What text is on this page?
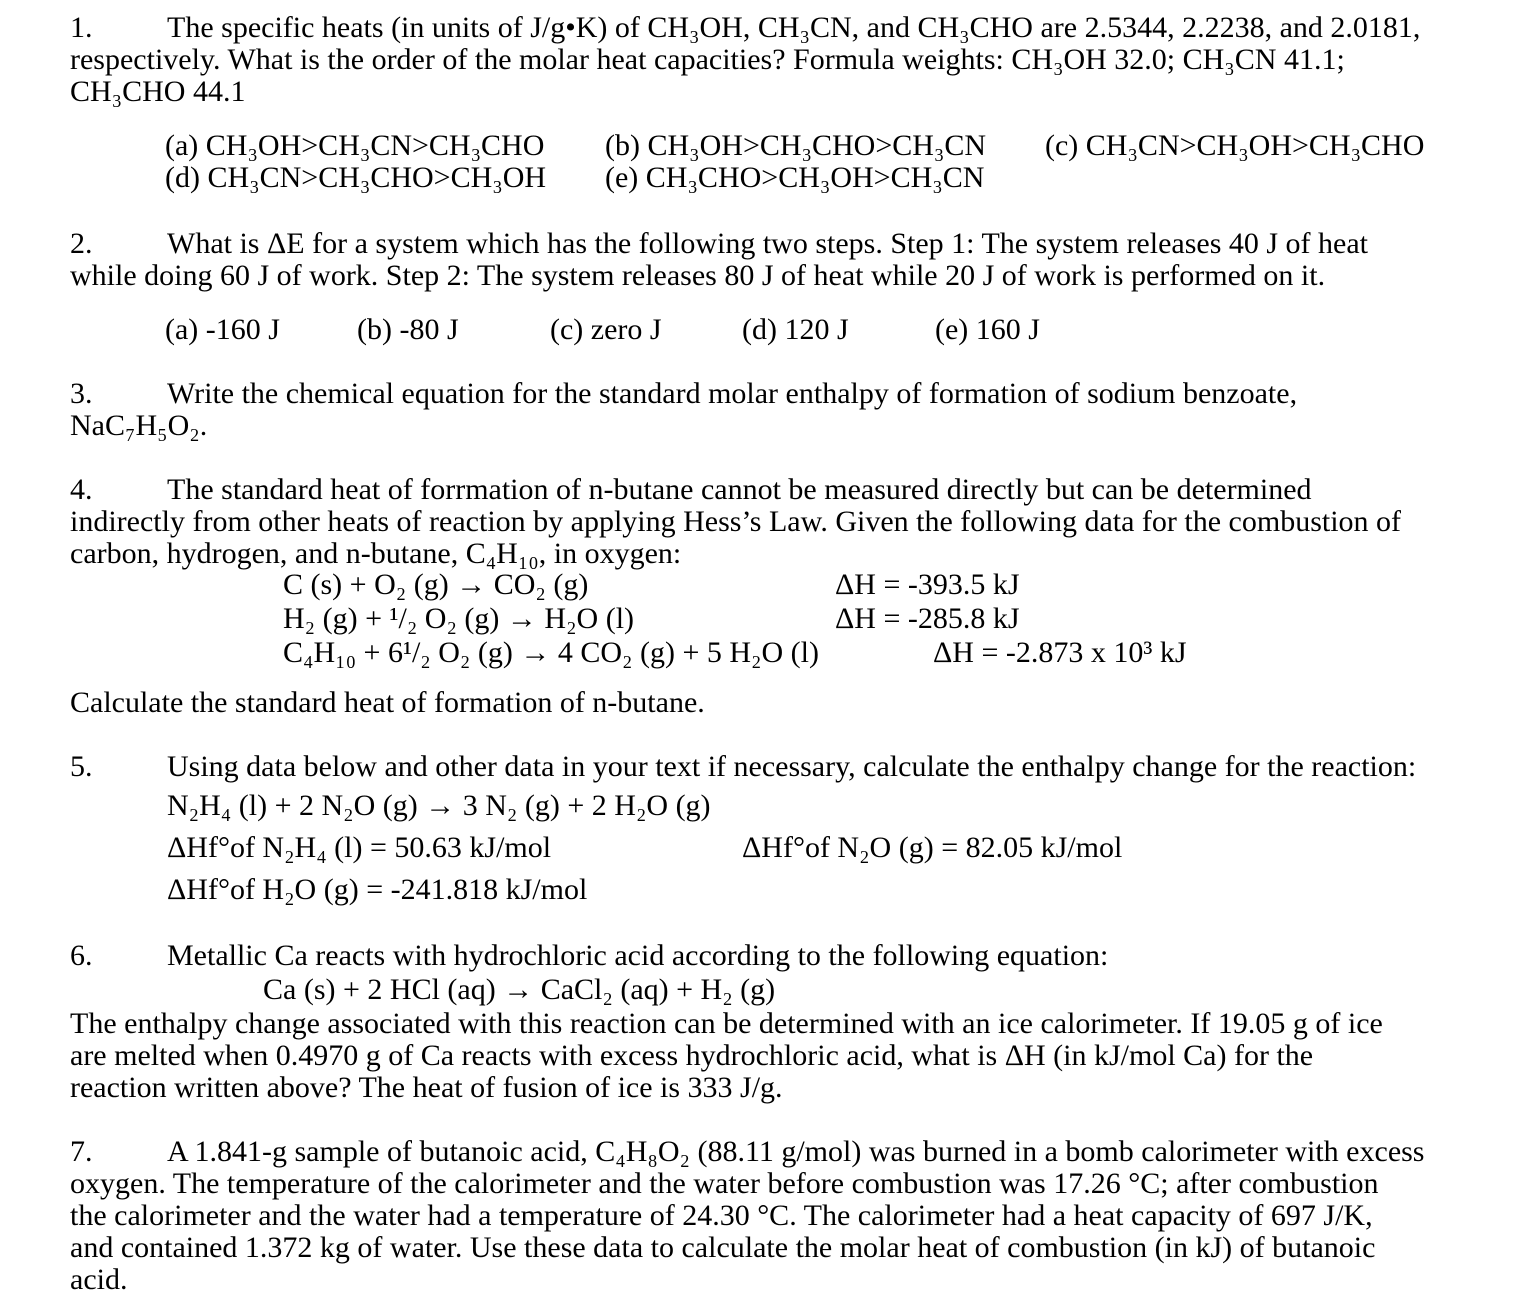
1. The specific heats (in units of J/g•K) of CH₃OH, CH₃CN, and CH₃CHO are 2.5344, 2.2238, and 2.0181,
respectively. What is the order of the molar heat capacities? Formula weights: CH₃OH 32.0; CH₃CN 41.1;
CH₃CHO 44.1
(a) CH₃OH>CH₃CN>CH₃CHO (b) CH₃OH>CH₃CHO>CH₃CN (c) CH₃CN>CH₃OH>CH₃CHO
(d) CH₃CN>CH₃CHO>CH₃OH (e) CH₃CHO>CH₃OH>CH₃CN
2. What is ΔE for a system which has the following two steps. Step 1: The system releases 40 J of heat
while doing 60 J of work. Step 2: The system releases 80 J of heat while 20 J of work is performed on it.
(a) -160 J	(b) -80 J	(c) zero J	(d) 120 J	(e) 160 J
3. Write the chemical equation for the standard molar enthalpy of formation of sodium benzoate,
NaC₇H₅O₂.
4. The standard heat of forrmation of n-butane cannot be measured directly but can be determined
indirectly from other heats of reaction by applying Hess’s Law. Given the following data for the combustion of
carbon, hydrogen, and n-butane, C₄H₁₀, in oxygen:
C (s) + O₂ (g) → CO₂ (g)	ΔH = -393.5 kJ
H₂ (g) + ¹/₂ O₂ (g) → H₂O (l)	ΔH = -285.8 kJ
C₄H₁₀ + 6¹/₂ O₂ (g) → 4 CO₂ (g) + 5 H₂O (l)	ΔH = -2.873 x 10³ kJ
Calculate the standard heat of formation of n-butane.
5. Using data below and other data in your text if necessary, calculate the enthalpy change for the reaction:
N₂H₄ (l) + 2 N₂O (g) → 3 N₂ (g) + 2 H₂O (g)
ΔHf°of N₂H₄ (l) = 50.63 kJ/mol	ΔHf°of N₂O (g) = 82.05 kJ/mol
ΔHf°of H₂O (g) = -241.818 kJ/mol
6. Metallic Ca reacts with hydrochloric acid according to the following equation:
Ca (s) + 2 HCl (aq) → CaCl₂ (aq) + H₂ (g)
The enthalpy change associated with this reaction can be determined with an ice calorimeter. If 19.05 g of ice
are melted when 0.4970 g of Ca reacts with excess hydrochloric acid, what is ΔH (in kJ/mol Ca) for the
reaction written above? The heat of fusion of ice is 333 J/g.
7. A 1.841-g sample of butanoic acid, C₄H₈O₂ (88.11 g/mol) was burned in a bomb calorimeter with excess
oxygen. The temperature of the calorimeter and the water before combustion was 17.26 °C; after combustion
the calorimeter and the water had a temperature of 24.30 °C. The calorimeter had a heat capacity of 697 J/K,
and contained 1.372 kg of water. Use these data to calculate the molar heat of combustion (in kJ) of butanoic
acid.
